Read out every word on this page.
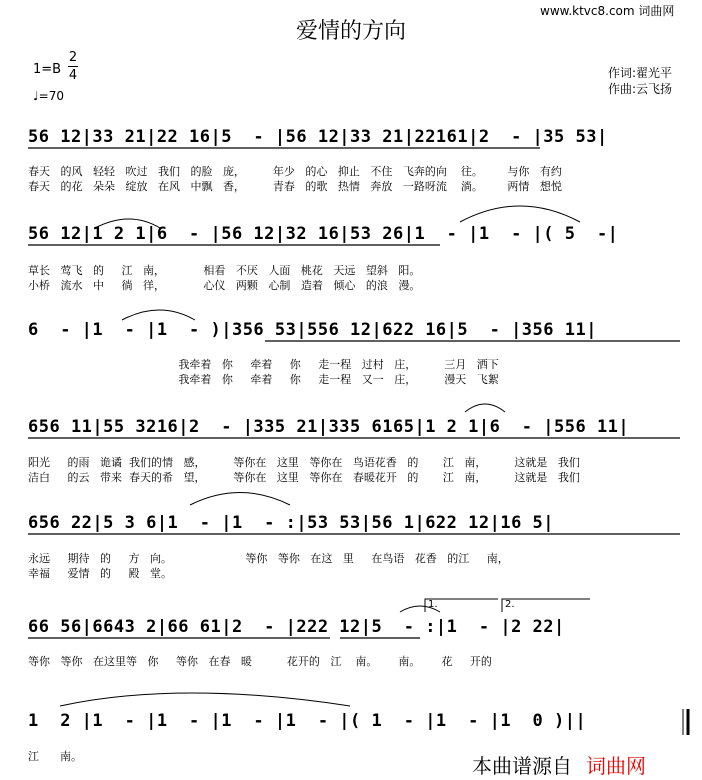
www.ktvc8.com 词曲网
爱情的方向
1=B
2
4
♩=70
作词:翟光平
作曲:云飞扬
56 12|33 21|22 16|5  - |56 12|33 21|22161|2  - |35 53|
春天   的风   轻轻   吹过   我们   的脸   庞，        年少   的心   抑止   不住   飞奔的向    往。       与你   有约
春天   的花   朵朵   绽放   在风   中飘   香，        青春   的歌   热情   奔放   一路呀流    淌。       两情   想悦
56 12|1 2 1|6  - |56 12|32 16|53 26|1  - |1  - |( 5  -|
草长   莺飞   的     江   南，           相看   不厌   人面   桃花   天远   望斜   阳。
小桥   流水   中     徜   徉，           心仪   两颗   心制   造着   倾心   的浪   漫。
6  - |1  - |1  - )|356 53|556 12|622 16|5  - |356 11|
我牵着   你     牵着     你     走一程   过村   庄，        三月   洒下
我牵着   你     牵着     你     走一程   又一   庄，        漫天   飞絮
656 11|55 3216|2  - |335 21|335 6165|1 2 1|6  - |556 11|
阳光     的雨   诡谲  我们的情   感，        等你在   这里   等你在   鸟语花香   的       江   南，        这就是   我们
洁白     的云   带来  春天的希   望，        等你在   这里   等你在   春暖花开   的       江   南，        这就是   我们
656 22|5 3 6|1  - |1  - :|53 53|56 1|622 12|16 5|
永远     期待   的     方   向。                     等你   等你   在这   里     在鸟语   花香   的江     南，
幸福     爱情   的     殿   堂。
1.	2.
66 56|6643 2|66 61|2  - |222 12|5  - :|1  - |2 22|
等你   等你   在这里等   你     等你   在春   暖          花开的   江    南。      南。      花     开的
1  2 |1  - |1  - |1  - |1  - |( 1  - |1  - |1  0 )||
江      南。	本曲谱源自 词曲网
